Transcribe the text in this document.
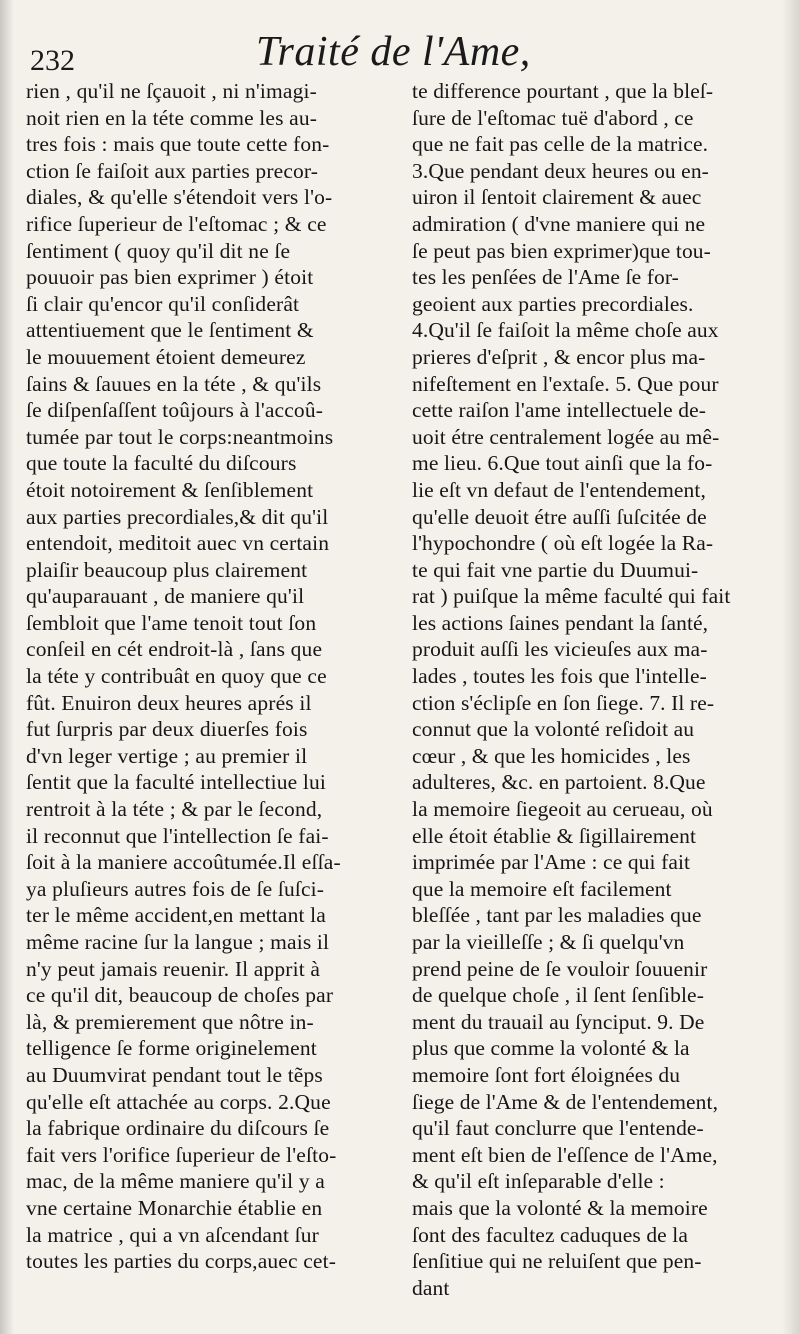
232	Traité de l'Ame,
rien , qu'il ne ſçauoit , ni n'imagi-
noit rien en la téte comme les au-
tres fois : mais que toute cette fon-
ction ſe faiſoit aux parties precor-
diales, & qu'elle s'étendoit vers l'o-
rifice ſuperieur de l'eſtomac ; & ce
ſentiment ( quoy qu'il dit ne ſe
pouuoir pas bien exprimer ) étoit
ſi clair qu'encor qu'il conſiderât
attentiuement que le ſentiment &
le mouuement étoient demeurez
ſains & ſauues en la téte , & qu'ils
ſe diſpenſaſſent toûjours à l'accoû-
tumée par tout le corps:neantmoins
que toute la faculté du diſcours
étoit notoirement & ſenſiblement
aux parties precordiales,& dit qu'il
entendoit, meditoit auec vn certain
plaiſir beaucoup plus clairement
qu'auparauant , de maniere qu'il
ſembloit que l'ame tenoit tout ſon
conſeil en cét endroit-là , ſans que
la téte y contribuât en quoy que ce
fût. Enuiron deux heures aprés il
fut ſurpris par deux diuerſes fois
d'vn leger vertige ; au premier il
ſentit que la faculté intellectiue lui
rentroit à la téte ; & par le ſecond,
il reconnut que l'intellection ſe fai-
ſoit à la maniere accoûtumée.Il eſſa-
ya pluſieurs autres fois de ſe ſuſci-
ter le même accident,en mettant la
même racine ſur la langue ; mais il
n'y peut jamais reuenir. Il apprit à
ce qu'il dit, beaucoup de choſes par
là, & premierement que nôtre in-
telligence ſe forme originelement
au Duumvirat pendant tout le tẽps
qu'elle eſt attachée au corps. 2.Que
la fabrique ordinaire du diſcours ſe
fait vers l'orifice ſuperieur de l'eſto-
mac, de la même maniere qu'il y a
vne certaine Monarchie établie en
la matrice , qui a vn aſcendant ſur
toutes les parties du corps,auec cet-
te difference pourtant , que la bleſ-
ſure de l'eſtomac tuë d'abord , ce
que ne fait pas celle de la matrice.
3.Que pendant deux heures ou en-
uiron il ſentoit clairement & auec
admiration ( d'vne maniere qui ne
ſe peut pas bien exprimer)que tou-
tes les penſées de l'Ame ſe for-
geoient aux parties precordiales.
4.Qu'il ſe faiſoit la même choſe aux
prieres d'eſprit , & encor plus ma-
nifeſtement en l'extaſe. 5. Que pour
cette raiſon l'ame intellectuele de-
uoit étre centralement logée au mê-
me lieu. 6.Que tout ainſi que la fo-
lie eſt vn defaut de l'entendement,
qu'elle deuoit étre auſſi ſuſcitée de
l'hypochondre ( où eſt logée la Ra-
te qui fait vne partie du Duumui-
rat ) puiſque la même faculté qui fait
les actions ſaines pendant la ſanté,
produit auſſi les vicieuſes aux ma-
lades , toutes les fois que l'intelle-
ction s'éclipſe en ſon ſiege. 7. Il re-
connut que la volonté reſidoit au
cœur , & que les homicides , les
adulteres, &c. en partoient. 8.Que
la memoire ſiegeoit au cerueau, où
elle étoit établie & ſigillairement
imprimée par l'Ame : ce qui fait
que la memoire eſt facilement
bleſſée , tant par les maladies que
par la vieilleſſe ; & ſi quelqu'vn
prend peine de ſe vouloir ſouuenir
de quelque choſe , il ſent ſenſible-
ment du trauail au ſynciput. 9. De
plus que comme la volonté & la
memoire ſont fort éloignées du
ſiege de l'Ame & de l'entendement,
qu'il faut conclurre que l'entende-
ment eſt bien de l'eſſence de l'Ame,
& qu'il eſt inſeparable d'elle :
mais que la volonté & la memoire
ſont des facultez caduques de la
ſenſitiue qui ne reluiſent que pen-
dant
